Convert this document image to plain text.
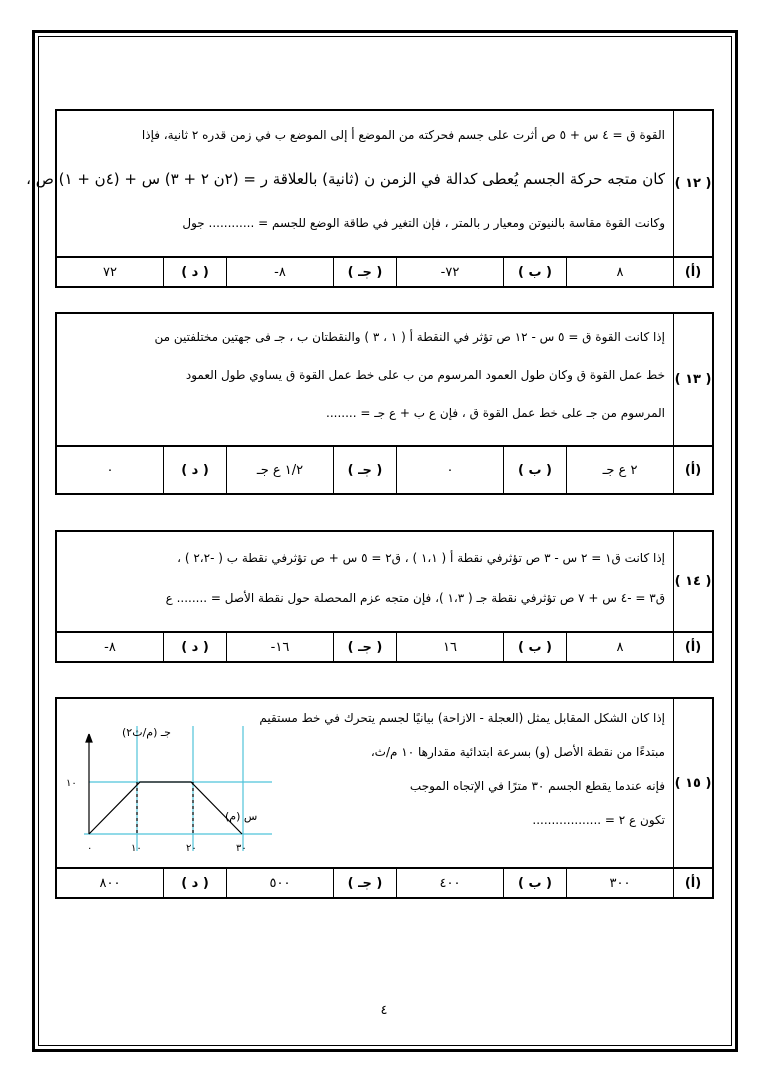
( ١٢ )
القوة ق = ٤ س + ٥ ص أثرت على جسم فحركته من الموضع أ إلى الموضع ب في زمن قدره ٢ ثانية، فإذا
كان متجه حركة الجسم يُعطى كدالة في الزمن ن (ثانية) بالعلاقة ر = (٢ن ٢ + ٣) س + (٤ن + ١) ص ،
وكانت القوة مقاسة بالنيوتن ومعيار ر بالمتر ، فإن التغير في طاقة الوضع للجسم = ............ جول
(أ)
٨
( ب )
٧٢-
( جـ )
٨-
( د )
٧٢
( ١٣ )
إذا كانت القوة ق = ٥ س - ١٢ ص تؤثر في النقطة أ ( ١ ، ٣ ) والنقطتان ب ، جـ فى جهتين مختلفتين من
خط عمل القوة ق وكان طول العمود المرسوم من ب على خط عمل القوة ق يساوي طول العمود
المرسوم من جـ على خط عمل القوة ق ، فإن ع ب + ع جـ = ........
(أ)
٢ ع جـ
( ب )
٠
( جـ )
١/٢ ع جـ
( د )
٠
( ١٤ )
إذا كانت ق١ = ٢ س - ٣ ص تؤثرفي نقطة أ ( ١،١ ) ، ق٢ = ٥ س + ص تؤثرفي نقطة ب ( -٢،٢ ) ،
ق٣ = -٤ س + ٧ ص تؤثرفي نقطة جـ ( ١،٣ )، فإن متجه عزم المحصلة حول نقطة الأصل = ........ ع
(أ)
٨
( ب )
١٦
( جـ )
١٦-
( د )
٨-
( ١٥ )
إذا كان الشكل المقابل يمثل (العجلة - الازاحة) بيانيًا لجسم يتحرك في خط مستقيم
مبتدءًا من نقطة الأصل (و) بسرعة ابتدائية مقدارها ١٠ م/ث،
فإنه عندما يقطع الجسم ٣٠ مترًا في الإتجاه الموجب
تكون ع ٢ = ..................
(أ)
٣٠٠
( ب )
٤٠٠
( جـ )
٥٠٠
( د )
٨٠٠
جـ (م/ث٢)
س (م)
١٠
٠	١٠	٢٠	٣٠
٤
